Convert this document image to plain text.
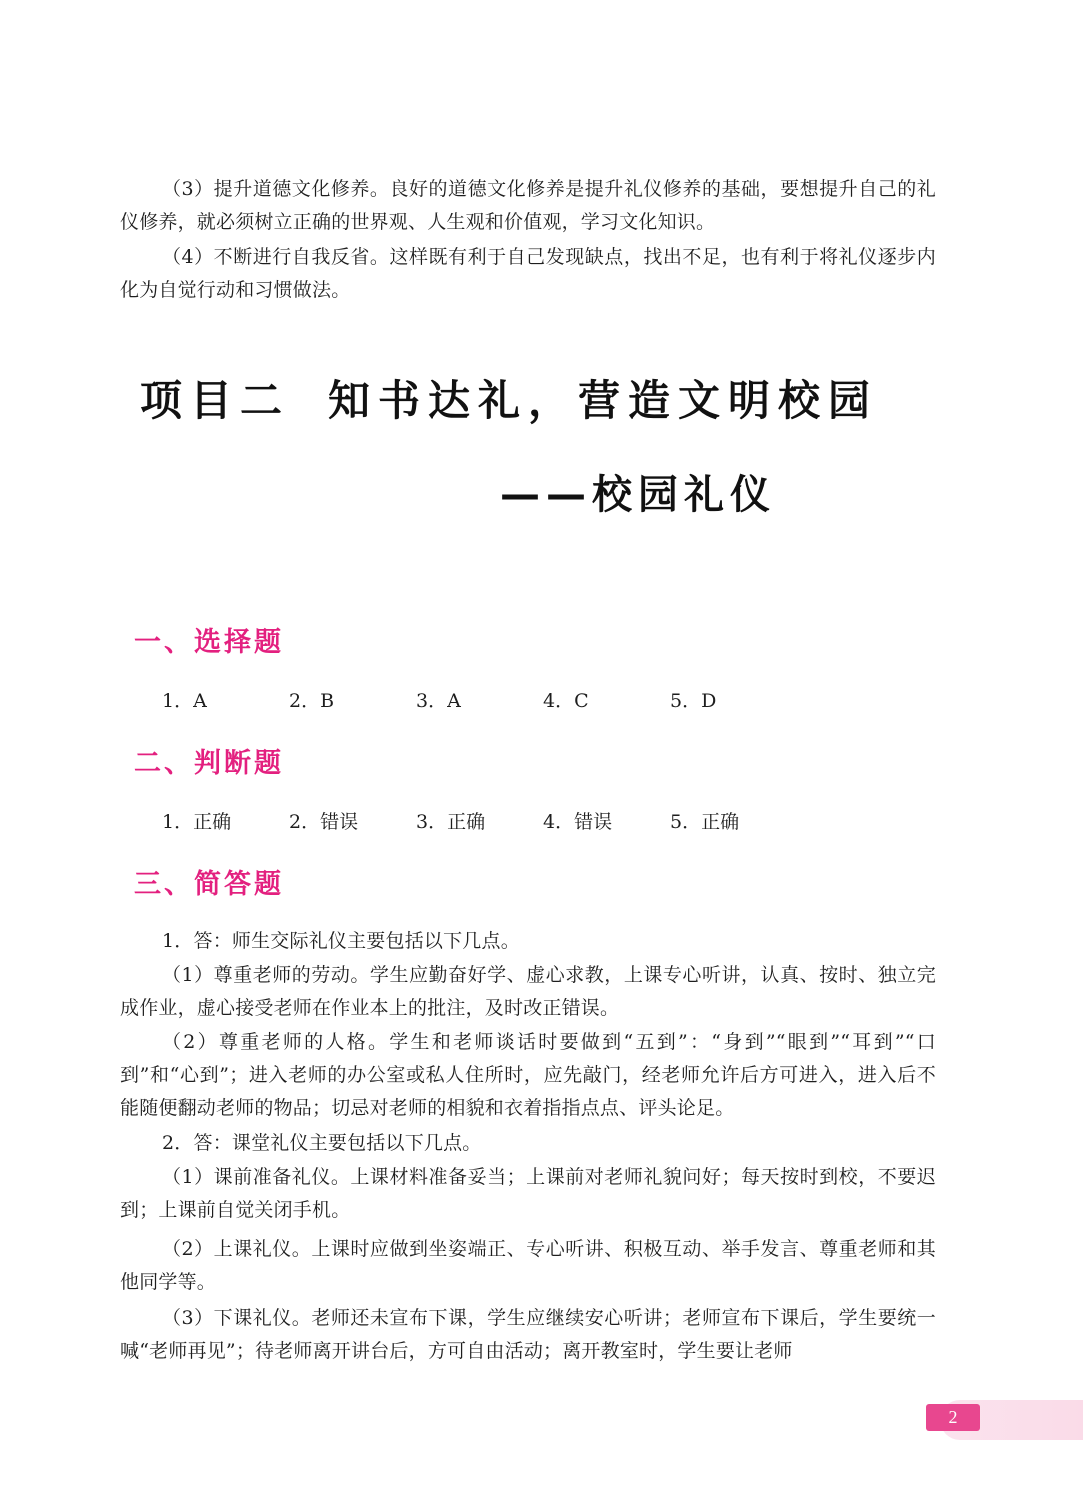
（3）提升道德文化修养。良好的道德文化修养是提升礼仪修养的基础，要想提升自己的礼仪修养，就必须树立正确的世界观、人生观和价值观，学习文化知识。

（4）不断进行自我反省。这样既有利于自己发现缺点，找出不足，也有利于将礼仪逐步内化为自觉行动和习惯做法。

项目二 知书达礼，营造文明校园
——校园礼仪
一、选择题
1．A	2．B	3．A	4．C	5．D
二、判断题
1．正确	2．错误	3．正确	4．错误	5．正确
三、简答题

1．答：师生交际礼仪主要包括以下几点。

（1）尊重老师的劳动。学生应勤奋好学、虚心求教，上课专心听讲，认真、按时、独立完成作业，虚心接受老师在作业本上的批注，及时改正错误。

（2）尊重老师的人格。学生和老师谈话时要做到“五到”：“身到”“眼到”“耳到”“口到”和“心到”；进入老师的办公室或私人住所时，应先敲门，经老师允许后方可进入，进入后不能随便翻动老师的物品；切忌对老师的相貌和衣着指指点点、评头论足。

2．答：课堂礼仪主要包括以下几点。

（1）课前准备礼仪。上课材料准备妥当；上课前对老师礼貌问好；每天按时到校，不要迟到；上课前自觉关闭手机。

（2）上课礼仪。上课时应做到坐姿端正、专心听讲、积极互动、举手发言、尊重老师和其他同学等。

（3）下课礼仪。老师还未宣布下课，学生应继续安心听讲；老师宣布下课后，学生要统一喊“老师再见”；待老师离开讲台后，方可自由活动；离开教室时，学生要让老师

2
